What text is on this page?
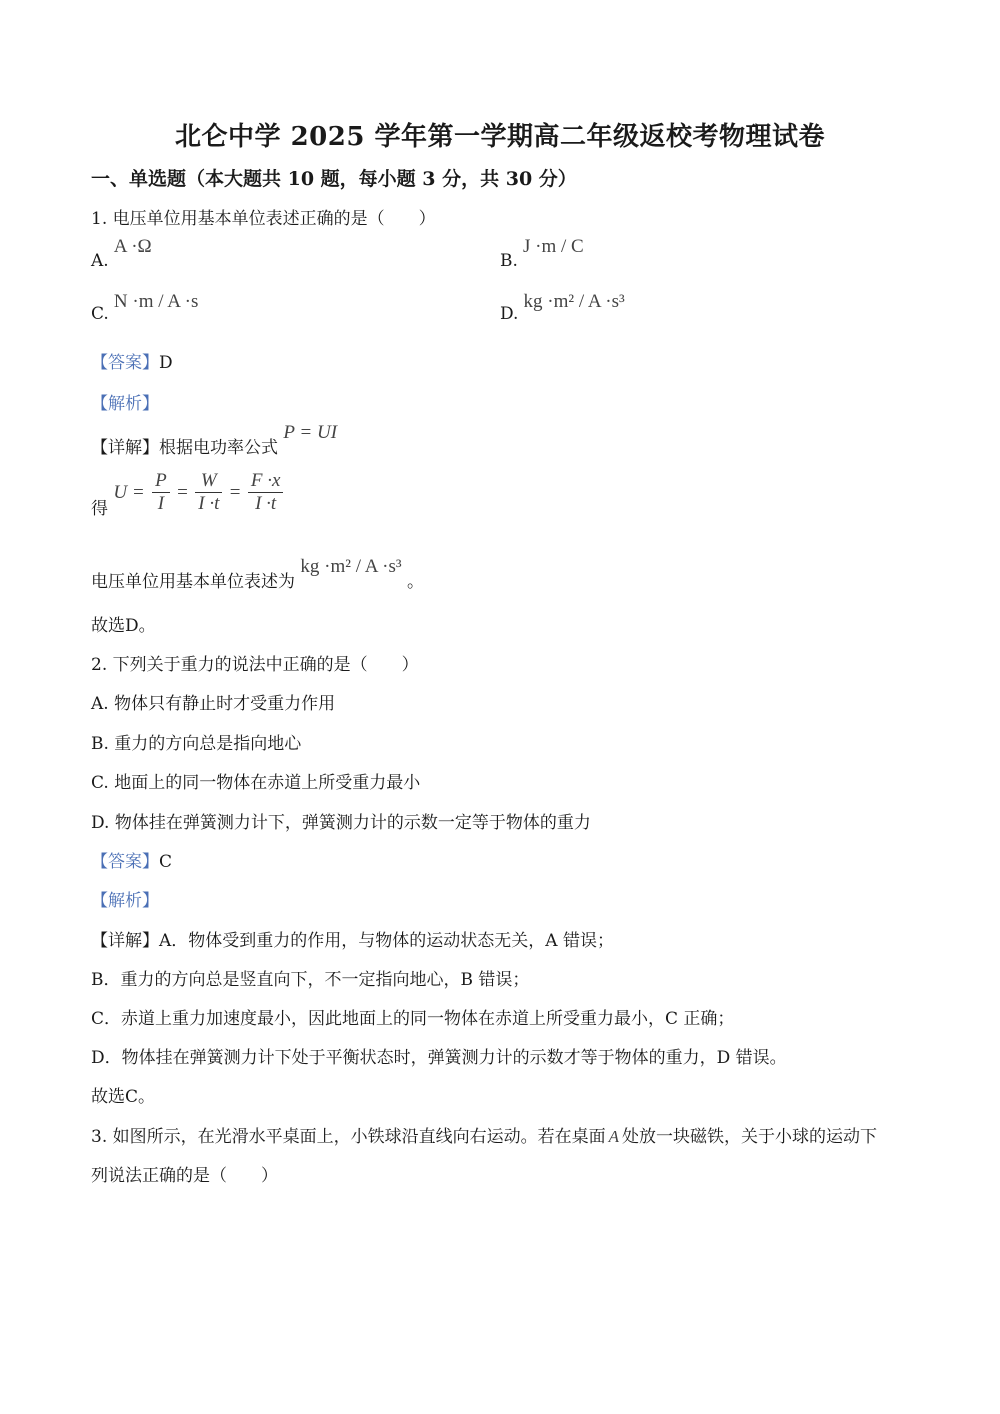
北仑中学 2025 学年第一学期高二年级返校考物理试卷
一、单选题（本大题共 10 题，每小题 3 分，共 30 分）
1. 电压单位用基本单位表述正确的是（　　）
A. A ·Ω
B. J ·m / C
C. N ·m / A ·s
D. kg ·m² / A ·s³
【答案】D
【解析】
【详解】根据电功率公式 P = UI
得 $U = \frac{P}{I} = \frac{W}{I \cdot t} = \frac{F \cdot x}{I \cdot t}$
电压单位用基本单位表述为 kg ·m² / A ·s³ 。
故选D。
2. 下列关于重力的说法中正确的是（　　）
A. 物体只有静止时才受重力作用
B. 重力的方向总是指向地心
C. 地面上的同一物体在赤道上所受重力最小
D. 物体挂在弹簧测力计下，弹簧测力计的示数一定等于物体的重力
【答案】C
【解析】
【详解】A．物体受到重力的作用，与物体的运动状态无关，A 错误；
B．重力的方向总是竖直向下，不一定指向地心，B 错误；
C．赤道上重力加速度最小，因此地面上的同一物体在赤道上所受重力最小，C 正确；
D．物体挂在弹簧测力计下处于平衡状态时，弹簧测力计的示数才等于物体的重力，D 错误。
故选C。
3. 如图所示，在光滑水平桌面上，小铁球沿直线向右运动。若在桌面 A 处放一块磁铁，关于小球的运动下
列说法正确的是（　　）
